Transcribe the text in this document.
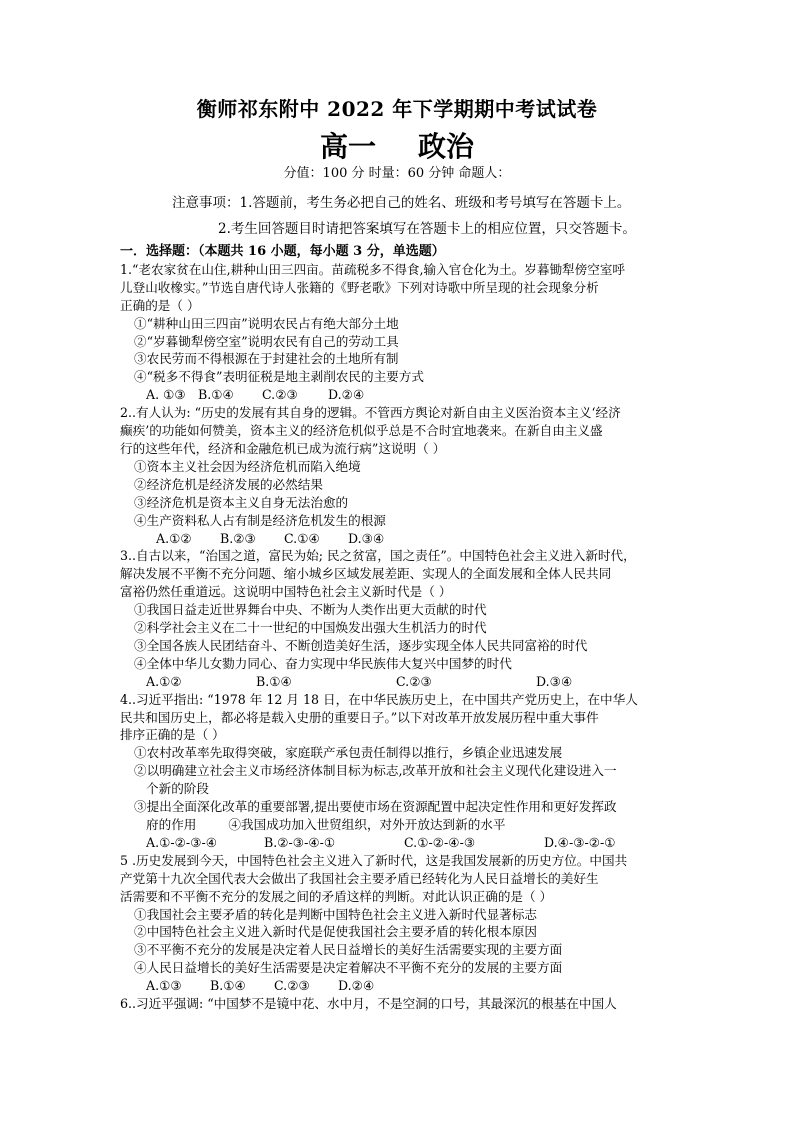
衡师祁东附中 2022 年下学期期中考试试卷
高一 政治
分值：100 分 时量：60 分钟 命题人：
注意事项：1.答题前，考生务必把自己的姓名、班级和考号填写在答题卡上。
2.考生回答题目时请把答案填写在答题卡上的相应位置，只交答题卡。
一．选择题：（本题共 16 小题，每小题 3 分，单选题）
1.“老农家贫在山住,耕种山田三四亩。苗疏税多不得食,输入官仓化为土。岁暮锄犁傍空室呼
儿登山收橡实。”节选自唐代诗人张籍的《野老歌》下列对诗歌中所呈现的社会现象分析
正确的是（ ）
①“耕种山田三四亩”说明农民占有绝大部分土地
②“岁暮锄犁傍空室”说明农民有自己的劳动工具
③农民劳而不得根源在于封建社会的土地所有制
④“税多不得食”表明征税是地主剥削农民的主要方式
A. ①③ B.①④ C.②③ D.②④
2..有人认为: “历史的发展有其自身的逻辑。不管西方舆论对新自由主义医治资本主义‘经济
癫疾’的功能如何赞美，资本主义的经济危机似乎总是不合时宜地袭来。在新自由主义盛
行的这些年代，经济和金融危机已成为流行病”这说明（ ）
①资本主义社会因为经济危机而陷入绝境
②经济危机是经济发展的必然结果
③经济危机是资本主义自身无法治愈的
④生产资料私人占有制是经济危机发生的根源
A.①② B.②③ C.①④ D.③④
3..自古以来，“治国之道，富民为始; 民之贫富，国之责任”。中国特色社会主义进入新时代，
解决发展不平衡不充分问题、缩小城乡区域发展差距、实现人的全面发展和全体人民共同
富裕仍然任重道远。这说明中国特色社会主义新时代是（ ）
①我国日益走近世界舞台中央、不断为人类作出更大贡献的时代
②科学社会主义在二十一世纪的中国焕发出强大生机活力的时代
③全国各族人民团结奋斗、不断创造美好生活，逐步实现全体人民共同富裕的时代
④全体中华儿女勠力同心、奋力实现中华民族伟大复兴中国梦的时代
A.①②	B.①④	C.②③	D.③④
4..习近平指出: “1978 年 12 月 18 日，在中华民族历史上，在中国共产党历史上，在中华人
民共和国历史上，都必将是载入史册的重要日子。”以下对改革开放发展历程中重大事件
排序正确的是（ ）
①农村改革率先取得突破，家庭联产承包责任制得以推行，乡镇企业迅速发展
②以明确建立社会主义市场经济体制目标为标志,改革开放和社会主义现代化建设进入一
个新的阶段
③提出全面深化改革的重要部署,提出要使市场在资源配置中起决定性作用和更好发挥政
府的作用        ④我国成功加入世贸组织，对外开放达到新的水平
A.①-②-③-④	B.②-③-④-①	C.①-②-④-③	D.④-③-②-①
5 .历史发展到今天，中国特色社会主义进入了新时代，这是我国发展新的历史方位。中国共
产党第十九次全国代表大会做出了我国社会主要矛盾已经转化为人民日益增长的美好生
活需要和不平衡不充分的发展之间的矛盾这样的判断。对此认识正确的是（ ）
①我国社会主要矛盾的转化是判断中国特色社会主义进入新时代显著标志
②中国特色社会主义进入新时代是促使我国社会主要矛盾的转化根本原因
③不平衡不充分的发展是决定着人民日益增长的美好生活需要实现的主要方面
④人民日益增长的美好生活需要是决定着解决不平衡不充分的发展的主要方面
A.①③ B.①④ C.②③ D.②④
6..习近平强调: “中国梦不是镜中花、水中月，不是空洞的口号，其最深沉的根基在中国人
